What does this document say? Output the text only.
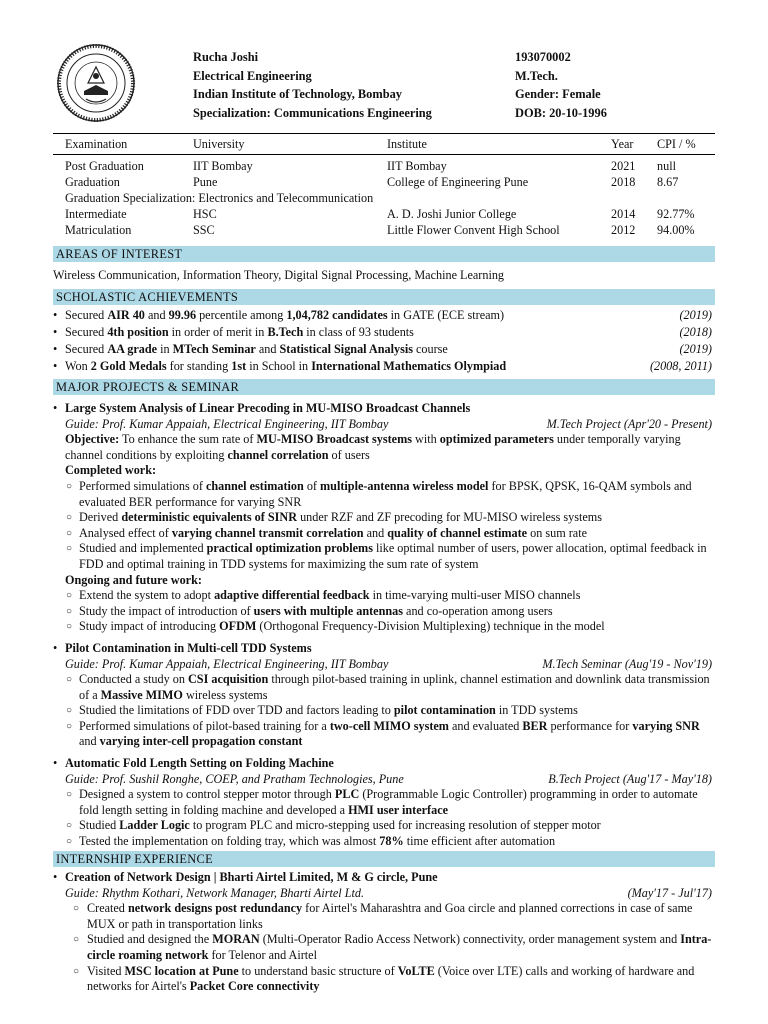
Rucha Joshi
Electrical Engineering
Indian Institute of Technology, Bombay
Specialization: Communications Engineering
193070002
M.Tech.
Gender: Female
DOB: 20-10-1996
Examination	University	Institute	Year	CPI / %
Post Graduation	IIT Bombay	IIT Bombay	2021	null
Graduation	Pune	College of Engineering Pune	2018	8.67
Graduation Specialization: Electronics and Telecommunication				
Intermediate	HSC	A. D. Joshi Junior College	2014	92.77%
Matriculation	SSC	Little Flower Convent High School	2012	94.00%
AREAS OF INTEREST
Wireless Communication, Information Theory, Digital Signal Processing, Machine Learning
SCHOLASTIC ACHIEVEMENTS
• Secured AIR 40 and 99.96 percentile among 1,04,782 candidates in GATE (ECE stream)	(2019)
• Secured 4th position in order of merit in B.Tech in class of 93 students	(2018)
• Secured AA grade in MTech Seminar and Statistical Signal Analysis course	(2019)
• Won 2 Gold Medals for standing 1st in School in International Mathematics Olympiad	(2008, 2011)
MAJOR PROJECTS & SEMINAR
• Large System Analysis of Linear Precoding in MU-MISO Broadcast Channels
Guide: Prof. Kumar Appaiah, Electrical Engineering, IIT Bombay	M.Tech Project (Apr'20 - Present)
Objective: To enhance the sum rate of MU-MISO Broadcast systems with optimized parameters under temporally varying channel conditions by exploiting channel correlation of users
Completed work:
○ Performed simulations of channel estimation of multiple-antenna wireless model for BPSK, QPSK, 16-QAM symbols and evaluated BER performance for varying SNR
○ Derived deterministic equivalents of SINR under RZF and ZF precoding for MU-MISO wireless systems
○ Analysed effect of varying channel transmit correlation and quality of channel estimate on sum rate
○ Studied and implemented practical optimization problems like optimal number of users, power allocation, optimal feedback in FDD and optimal training in TDD systems for maximizing the sum rate of system
Ongoing and future work:
○ Extend the system to adopt adaptive differential feedback in time-varying multi-user MISO channels
○ Study the impact of introduction of users with multiple antennas and co-operation among users
○ Study impact of introducing OFDM (Orthogonal Frequency-Division Multiplexing) technique in the model
• Pilot Contamination in Multi-cell TDD Systems
Guide: Prof. Kumar Appaiah, Electrical Engineering, IIT Bombay	M.Tech Seminar (Aug'19 - Nov'19)
○ Conducted a study on CSI acquisition through pilot-based training in uplink, channel estimation and downlink data transmission of a Massive MIMO wireless systems
○ Studied the limitations of FDD over TDD and factors leading to pilot contamination in TDD systems
○ Performed simulations of pilot-based training for a two-cell MIMO system and evaluated BER performance for varying SNR and varying inter-cell propagation constant
• Automatic Fold Length Setting on Folding Machine
Guide: Prof. Sushil Ronghe, COEP, and Pratham Technologies, Pune	B.Tech Project (Aug'17 - May'18)
○ Designed a system to control stepper motor through PLC (Programmable Logic Controller) programming in order to automate fold length setting in folding machine and developed a HMI user interface
○ Studied Ladder Logic to program PLC and micro-stepping used for increasing resolution of stepper motor
○ Tested the implementation on folding tray, which was almost 78% time efficient after automation
INTERNSHIP EXPERIENCE
• Creation of Network Design | Bharti Airtel Limited, M & G circle, Pune
Guide: Rhythm Kothari, Network Manager, Bharti Airtel Ltd.	(May'17 - Jul'17)
○ Created network designs post redundancy for Airtel's Maharashtra and Goa circle and planned corrections in case of same MUX or path in transportation links
○ Studied and designed the MORAN (Multi-Operator Radio Access Network) connectivity, order management system and Intra-circle roaming network for Telenor and Airtel
○ Visited MSC location at Pune to understand basic structure of VoLTE (Voice over LTE) calls and working of hardware and networks for Airtel's Packet Core connectivity
